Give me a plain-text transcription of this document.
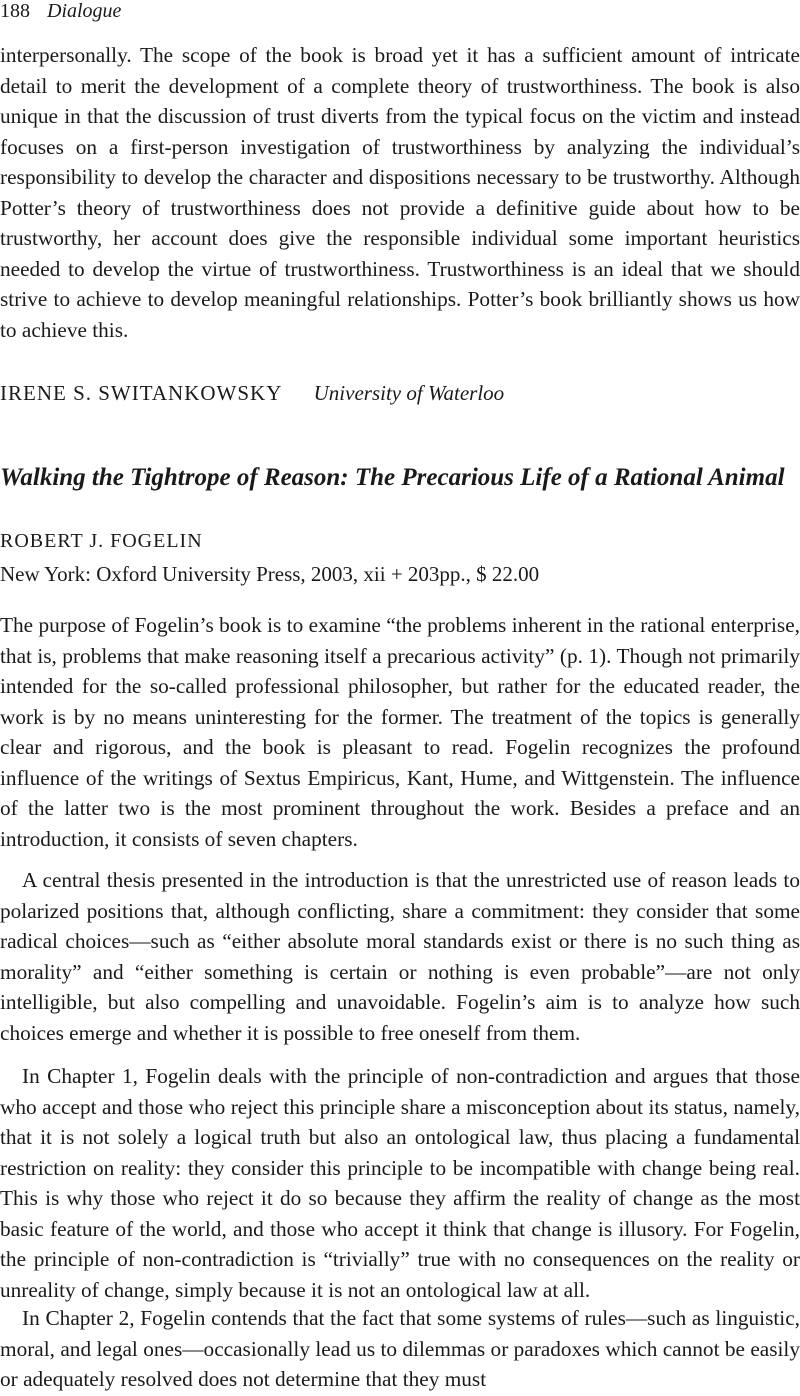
188 Dialogue

interpersonally. The scope of the book is broad yet it has a sufficient amount of intricate detail to merit the development of a complete theory of trustworthiness. The book is also unique in that the discussion of trust diverts from the typical focus on the victim and instead focuses on a first-person investigation of trustworthiness by analyzing the individual’s responsibility to develop the character and dispositions necessary to be trustworthy. Although Potter’s theory of trustworthiness does not provide a definitive guide about how to be trustworthy, her account does give the responsible individual some important heuristics needed to develop the virtue of trustworthiness. Trustworthiness is an ideal that we should strive to achieve to develop meaningful relationships. Potter’s book brilliantly shows us how to achieve this.

IRENE S. SWITANKOWSKY University of Waterloo
Walking the Tightrope of Reason: The Precarious Life of a Rational Animal
ROBERT J. FOGELIN
New York: Oxford University Press, 2003, xii + 203pp., $ 22.00

The purpose of Fogelin’s book is to examine “the problems inherent in the rational enterprise, that is, problems that make reasoning itself a precarious activity” (p. 1). Though not primarily intended for the so-called professional philosopher, but rather for the educated reader, the work is by no means uninteresting for the former. The treatment of the topics is generally clear and rigorous, and the book is pleasant to read. Fogelin recognizes the profound influence of the writings of Sextus Empiricus, Kant, Hume, and Wittgenstein. The influence of the latter two is the most prominent throughout the work. Besides a preface and an introduction, it consists of seven chapters.

A central thesis presented in the introduction is that the unrestricted use of reason leads to polarized positions that, although conflicting, share a commitment: they consider that some radical choices—such as “either absolute moral standards exist or there is no such thing as morality” and “either something is certain or nothing is even probable”—are not only intelligible, but also compelling and unavoidable. Fogelin’s aim is to analyze how such choices emerge and whether it is possible to free oneself from them.

In Chapter 1, Fogelin deals with the principle of non-contradiction and argues that those who accept and those who reject this principle share a misconception about its status, namely, that it is not solely a logical truth but also an ontological law, thus placing a fundamental restriction on reality: they consider this principle to be incompatible with change being real. This is why those who reject it do so because they affirm the reality of change as the most basic feature of the world, and those who accept it think that change is illusory. For Fogelin, the principle of non-contradiction is “trivially” true with no consequences on the reality or unreality of change, simply because it is not an ontological law at all.

In Chapter 2, Fogelin contends that the fact that some systems of rules—such as linguistic, moral, and legal ones—occasionally lead us to dilemmas or paradoxes which cannot be easily or adequately resolved does not determine that they must
